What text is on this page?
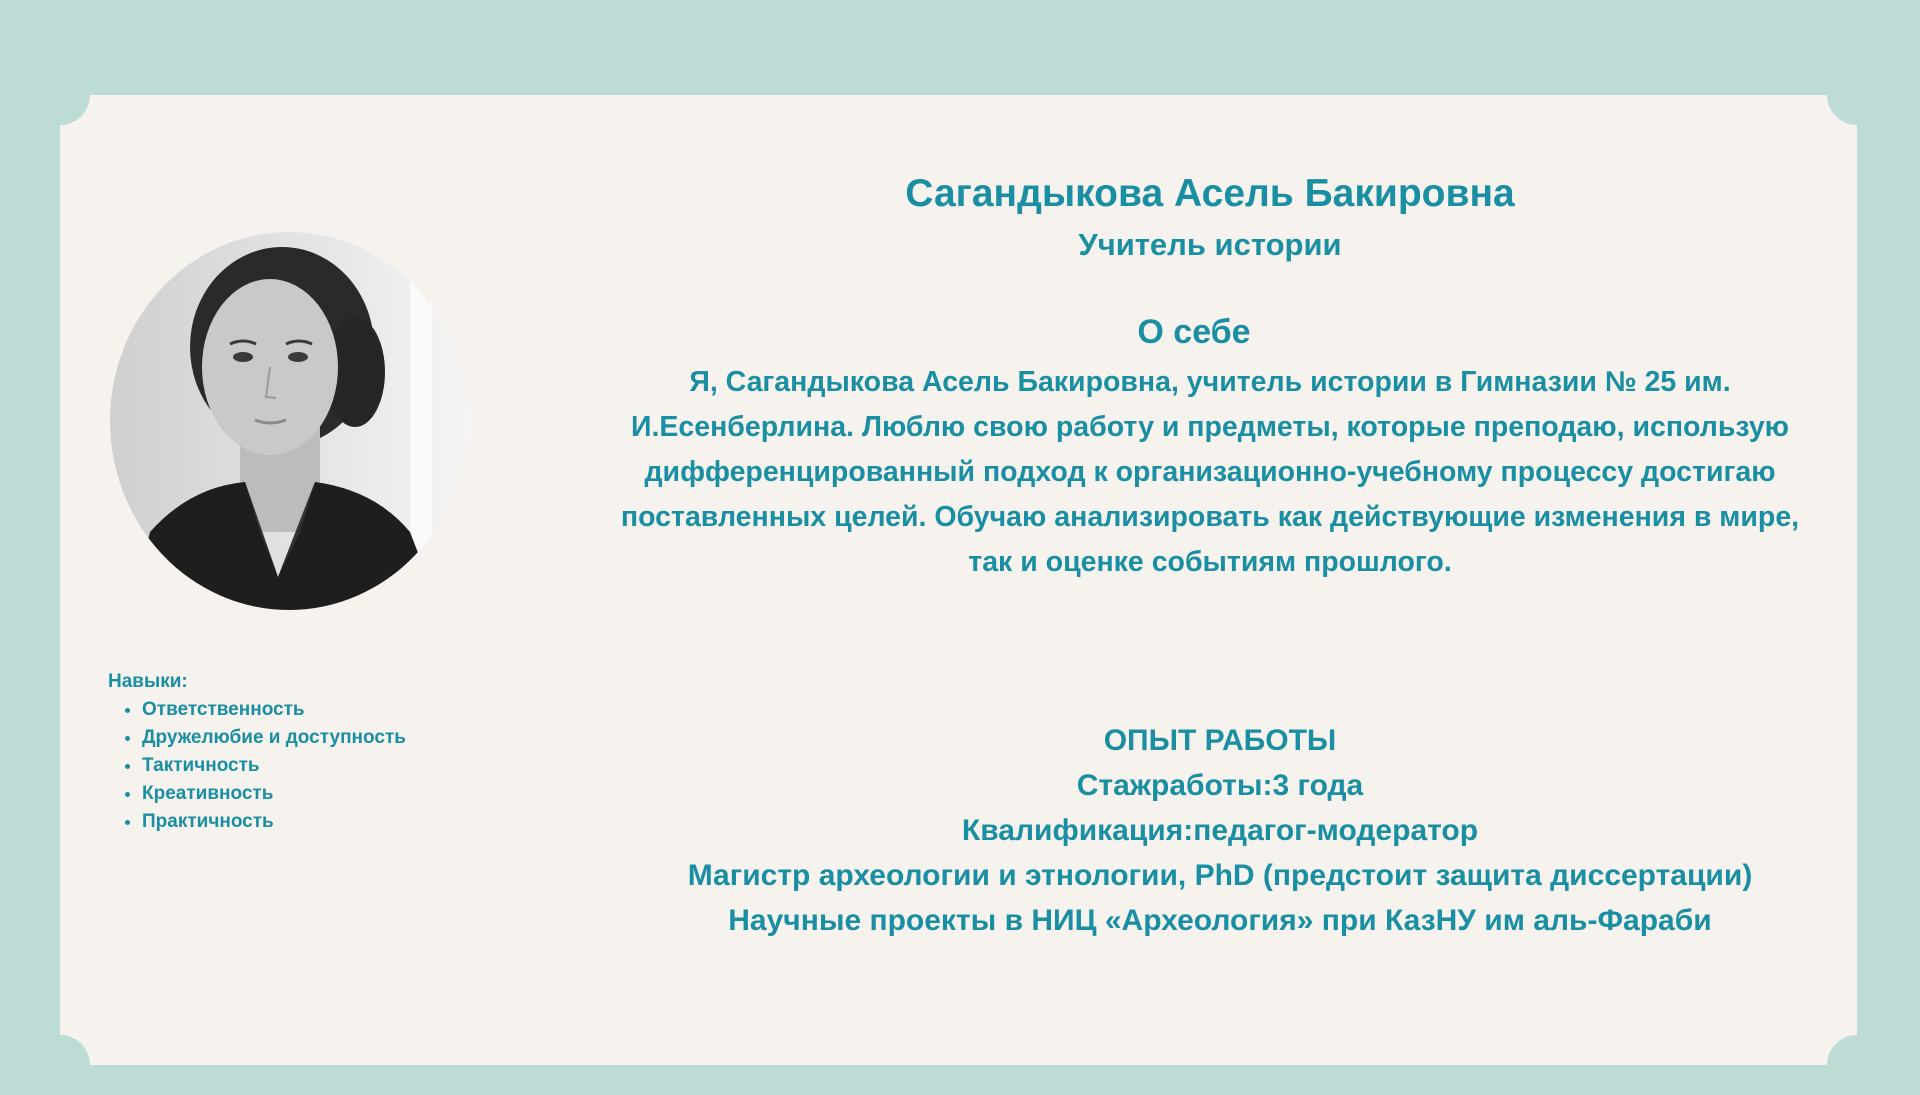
Навыки:
• Ответственность
• Дружелюбие и доступность
• Тактичность
• Креативность
• Практичность
Сагандыкова Асель Бакировна
Учитель истории
О себе
Я, Сагандыкова Асель Бакировна, учитель истории в Гимназии № 25 им.
И.Есенберлина. Люблю свою работу и предметы, которые преподаю, использую
дифференцированный подход к организационно-учебному процессу достигаю
поставленных целей. Обучаю анализировать как действующие изменения в мире,
так и оценке событиям прошлого.
ОПЫТ РАБОТЫ
Стажработы:3 года
Квалификация:педагог-модератор
Магистр археологии и этнологии, PhD (предстоит защита диссертации)
Научные проекты в НИЦ «Археология» при КазНУ им аль-Фараби
